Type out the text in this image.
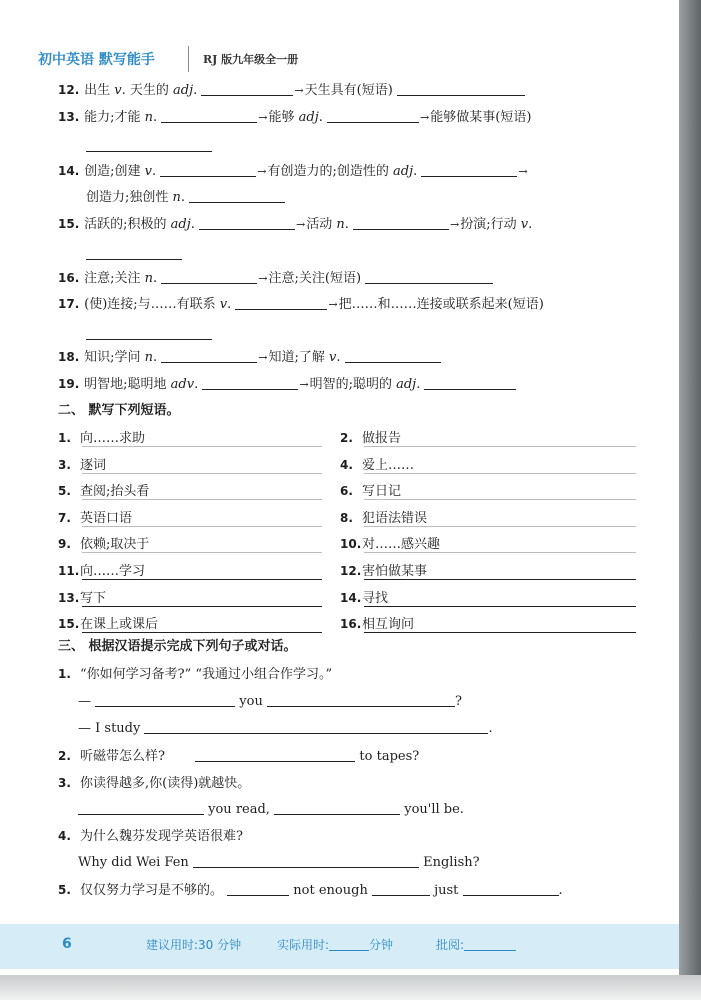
初中英语 默写能手	RJ 版九年级全一册
12. 出生 v. 天生的 adj.	→天生具有(短语)
13. 能力;才能 n.	→能够 adj.	→能够做某事(短语)
14. 创造;创建 v.	→有创造力的;创造性的 adj.	→
创造力;独创性 n.
15. 活跃的;积极的 adj.	→活动 n.	→扮演;行动 v.
16. 注意;关注 n.	→注意;关注(短语)
17. (使)连接;与……有联系 v.	→把……和……连接或联系起来(短语)
18. 知识;学问 n.	→知道;了解 v.
19. 明智地;聪明地 adv.	→明智的;聪明的 adj.
二、 默写下列短语。
1. 向……求助	2. 做报告
3. 逐词	4. 爱上……
5. 查阅;抬头看	6. 写日记
7. 英语口语	8. 犯语法错误
9. 依赖;取决于	10.对……感兴趣
11.向……学习	12.害怕做某事
13.写下	14.寻找
15.在课上或课后	16.相互询问
三、 根据汉语提示完成下列句子或对话。
1. “你如何学习备考?” “我通过小组合作学习。”
—	you	?
— I study	.
2. 听磁带怎么样?	to tapes?
3. 你读得越多,你(读得)就越快。
you read,	you'll be.
4. 为什么魏芬发现学英语很难?
Why did Wei Fen	English?
5. 仅仅努力学习是不够的。	not enough	just	.
6	建议用时:30 分钟	实际用时:	分钟	批阅:
